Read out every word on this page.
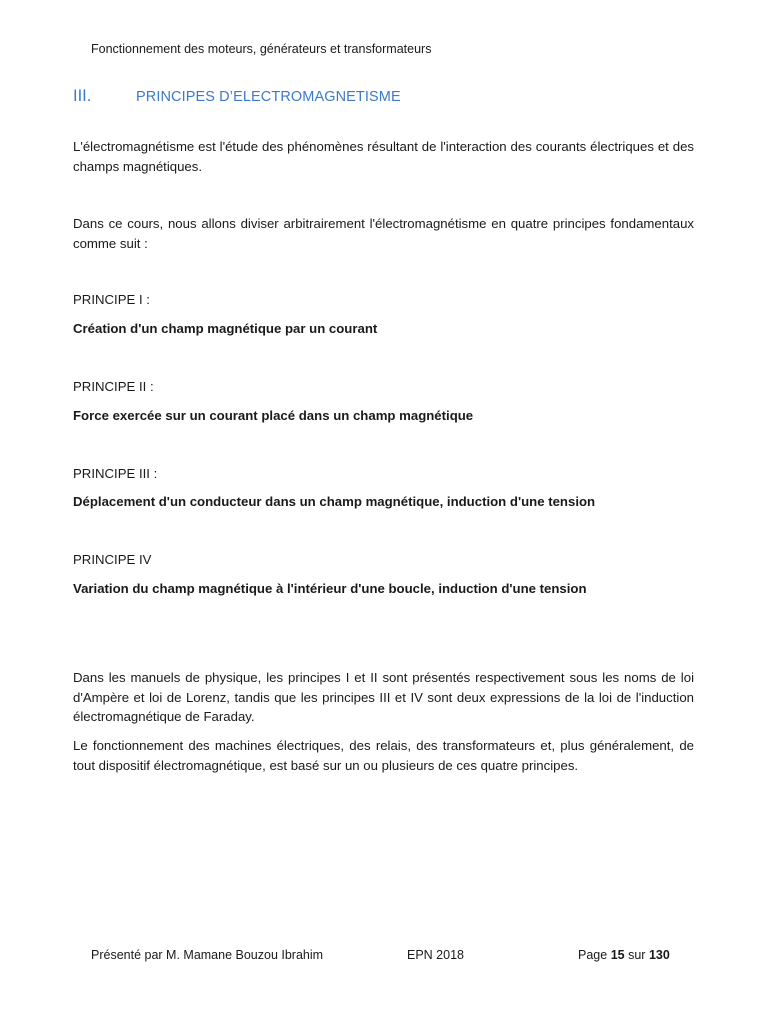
Fonctionnement des moteurs, générateurs et transformateurs
III.	PRINCIPES D’ELECTROMAGNETISME

L'électromagnétisme est l'étude des phénomènes résultant de l'interaction des courants électriques et des champs magnétiques.

Dans ce cours, nous allons diviser arbitrairement l'électromagnétisme en quatre principes fondamentaux comme suit :

PRINCIPE I :
Création d'un champ magnétique par un courant
PRINCIPE II :
Force exercée sur un courant placé dans un champ magnétique
PRINCIPE III :
Déplacement d'un conducteur dans un champ magnétique, induction d'une tension
PRINCIPE IV
Variation du champ magnétique à l'intérieur d'une boucle, induction d'une tension

Dans les manuels de physique, les principes I et II sont présentés respectivement sous les noms de loi d'Ampère et loi de Lorenz, tandis que les principes III et IV sont deux expressions de la loi de l'induction électromagnétique de Faraday.

Le fonctionnement des machines électriques, des relais, des transformateurs et, plus généralement, de tout dispositif électromagnétique, est basé sur un ou plusieurs de ces quatre principes.

Présenté par M. Mamane Bouzou Ibrahim	EPN 2018	Page 15 sur 130
